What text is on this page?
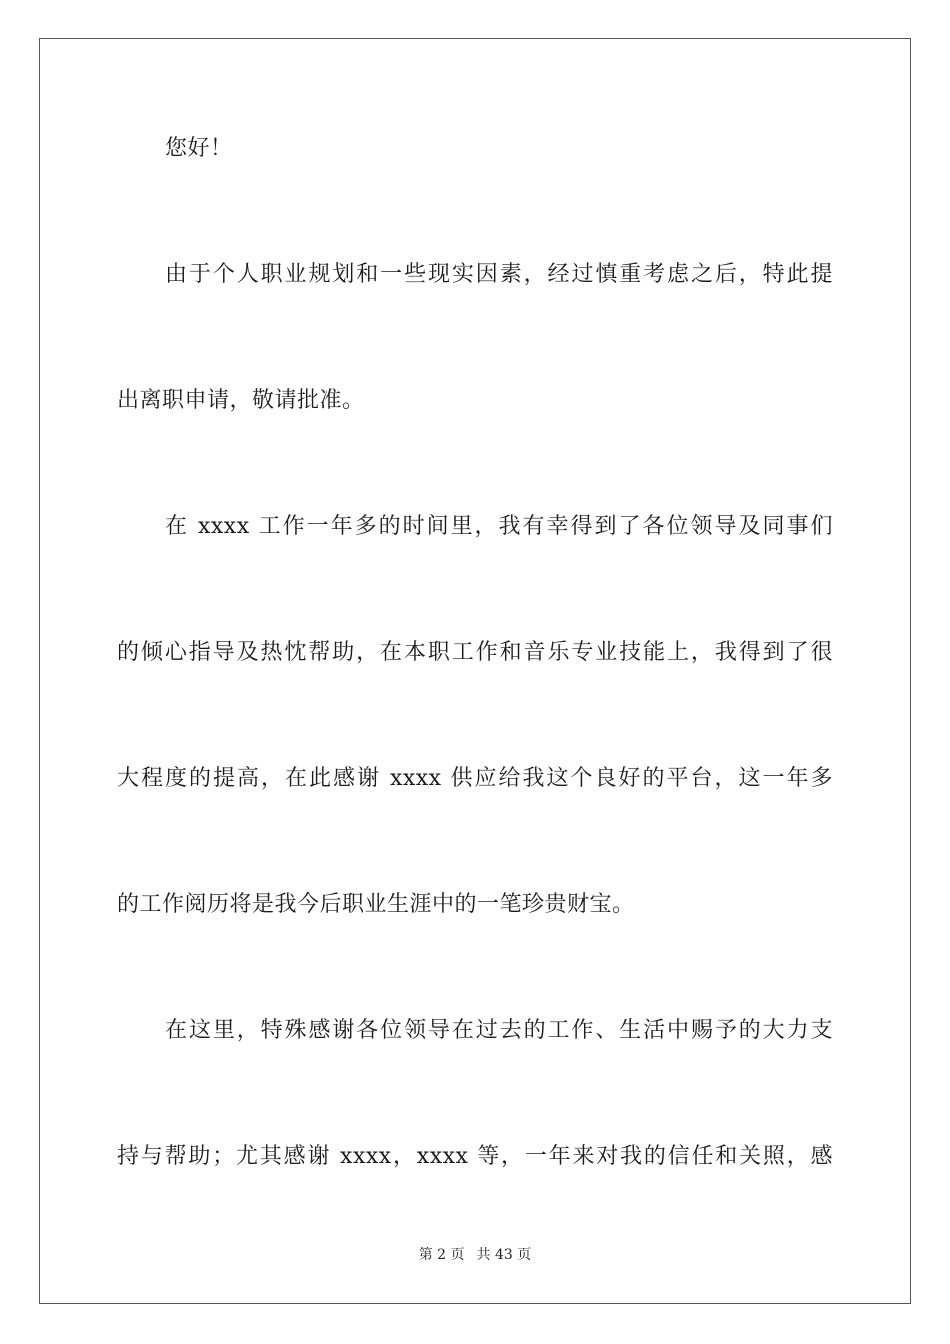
您好！
由于个人职业规划和一些现实因素，经过慎重考虑之后，特此提
出离职申请，敬请批准。
在 xxxx 工作一年多的时间里，我有幸得到了各位领导及同事们
的倾心指导及热忱帮助，在本职工作和音乐专业技能上，我得到了很
大程度的提高，在此感谢 xxxx 供应给我这个良好的平台，这一年多
的工作阅历将是我今后职业生涯中的一笔珍贵财宝。
在这里，特殊感谢各位领导在过去的工作、生活中赐予的大力支
持与帮助；尤其感谢 xxxx，xxxx 等，一年来对我的信任和关照，感
第 2 页 共 43 页
